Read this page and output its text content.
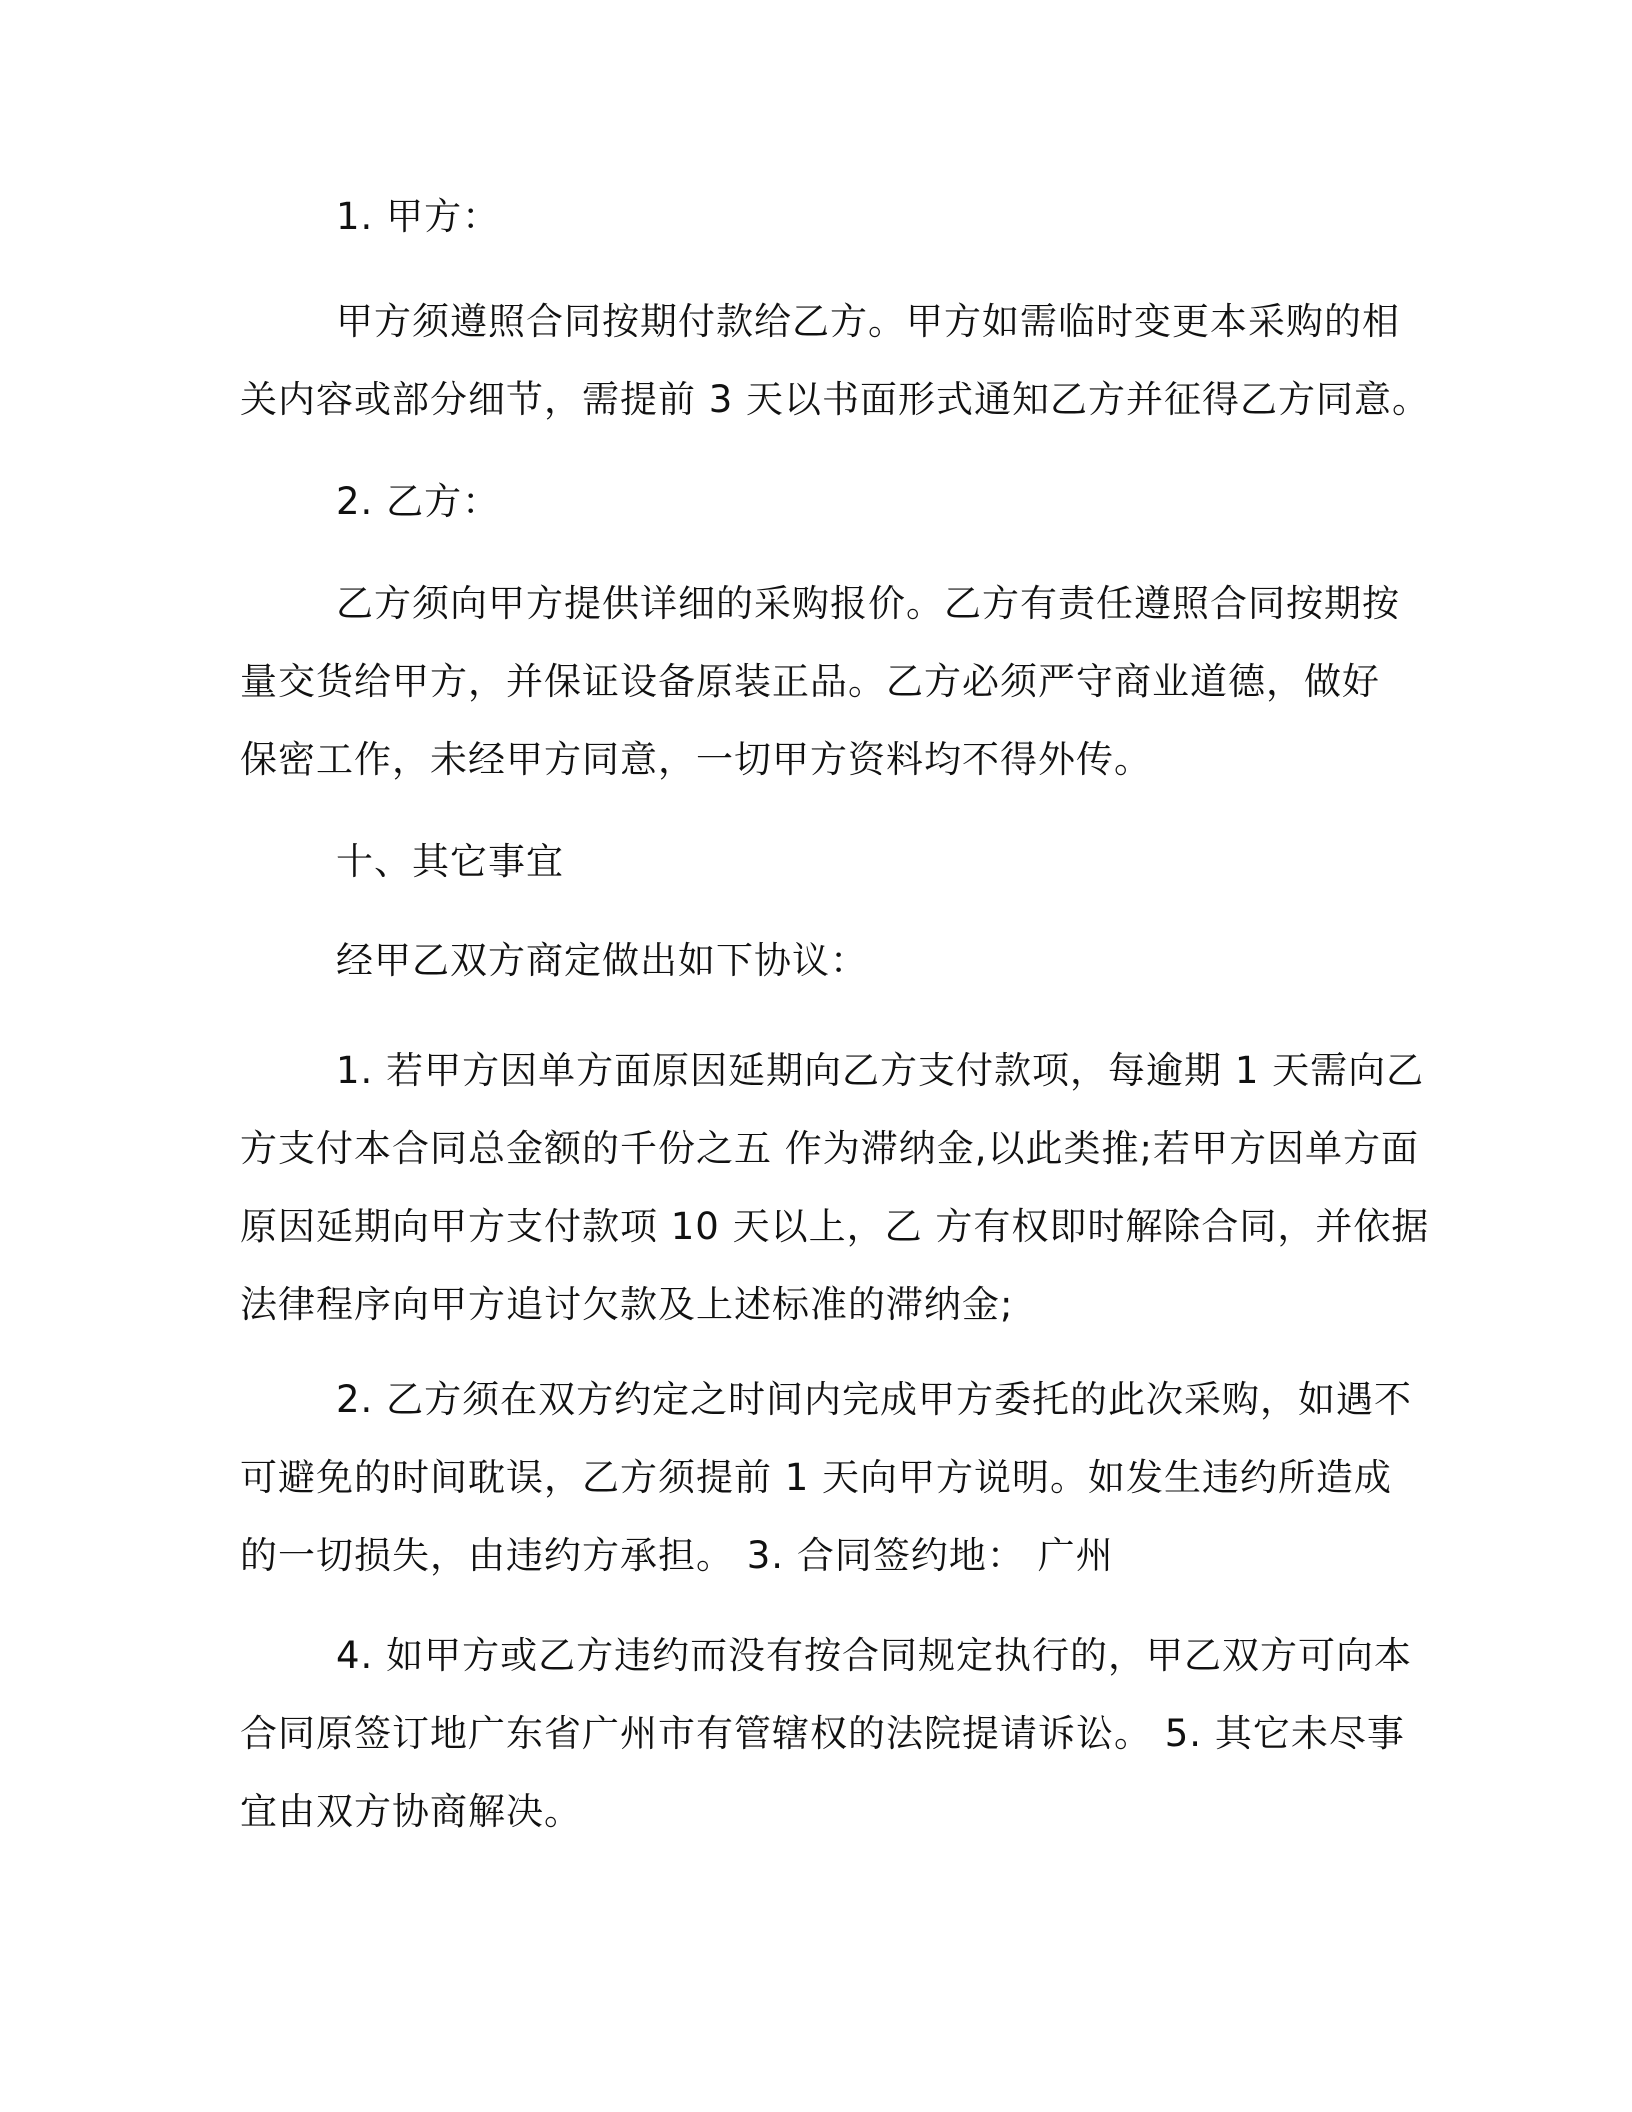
1. 甲方：

甲方须遵照合同按期付款给乙方。甲方如需临时变更本采购的相
关内容或部分细节，需提前 3 天以书面形式通知乙方并征得乙方同意。

2. 乙方：

乙方须向甲方提供详细的采购报价。乙方有责任遵照合同按期按
量交货给甲方，并保证设备原装正品。乙方必须严守商业道德，做好
保密工作，未经甲方同意，一切甲方资料均不得外传。

十、其它事宜

经甲乙双方商定做出如下协议：

1. 若甲方因单方面原因延期向乙方支付款项，每逾期 1 天需向乙
方支付本合同总金额的千份之五 作为滞纳金,以此类推;若甲方因单方面
原因延期向甲方支付款项 10 天以上，乙 方有权即时解除合同，并依据
法律程序向甲方追讨欠款及上述标准的滞纳金;

2. 乙方须在双方约定之时间内完成甲方委托的此次采购，如遇不
可避免的时间耽误，乙方须提前 1 天向甲方说明。如发生违约所造成
的一切损失，由违约方承担。 3. 合同签约地： 广州

4. 如甲方或乙方违约而没有按合同规定执行的，甲乙双方可向本
合同原签订地广东省广州市有管辖权的法院提请诉讼。 5. 其它未尽事
宜由双方协商解决。
